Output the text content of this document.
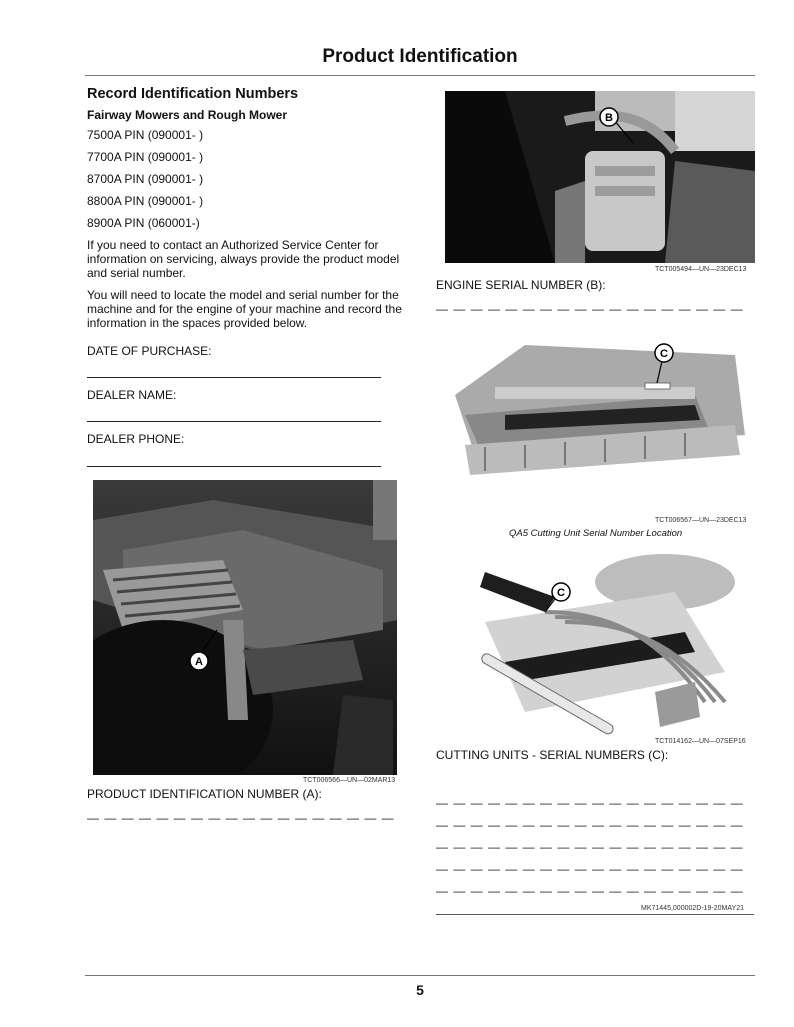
Product Identification
Record Identification Numbers
Fairway Mowers and Rough Mower
7500A PIN (090001- )
7700A PIN (090001- )
8700A PIN (090001- )
8800A PIN (090001- )
8900A PIN (060001-)
If you need to contact an Authorized Service Center for information on servicing, always provide the product model and serial number.
You will need to locate the model and serial number for the machine and for the engine of your machine and record the information in the spaces provided below.
DATE OF PURCHASE:
DEALER NAME:
DEALER PHONE:
A
TCT006566—UN—02MAR13
PRODUCT IDENTIFICATION NUMBER (A):
— — — — — — — — — — — — — — — — — —
B
TCT005494—UN—23DEC13
ENGINE SERIAL NUMBER (B):
— — — — — — — — — — — — — — — — — —
C
TCT006567—UN—23DEC13
QA5 Cutting Unit Serial Number Location
C
TCT014162—UN—07SEP16
CUTTING UNITS - SERIAL NUMBERS (C):
— — — — — — — — — — — — — — — — — —
— — — — — — — — — — — — — — — — — —
— — — — — — — — — — — — — — — — — —
— — — — — — — — — — — — — — — — — —
— — — — — — — — — — — — — — — — — —
MK71445,000002D-19-20MAY21
5
